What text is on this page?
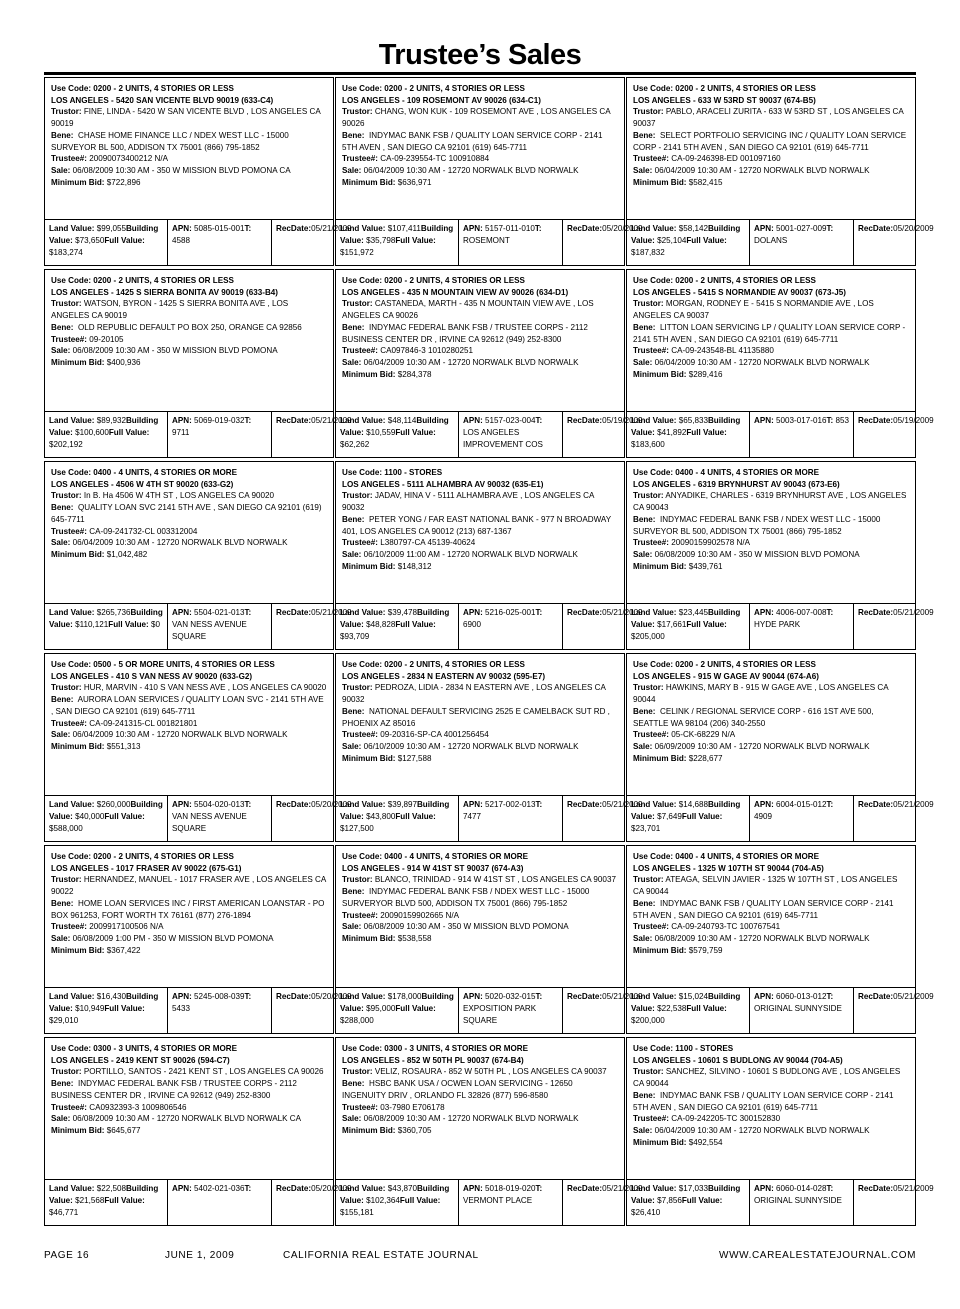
Trustee’s Sales
Use Code: 0200 - 2 UNITS, 4 STORIES OR LESS
LOS ANGELES - 5420 SAN VICENTE BLVD 90019 (633-C4)
Trustor: FINE, LINDA - 5420 W SAN VICENTE BLVD , LOS ANGELES CA 90019
Bene: CHASE HOME FINANCE LLC / NDEX WEST LLC - 15000 SURVEYOR BL 500, ADDISON TX 75001 (866) 795-1852
Trustee#: 20090073400212 N/A
Sale: 06/08/2009 10:30 AM - 350 W MISSION BLVD POMONA CA
Minimum Bid: $722,896
Land Value: $99,055Building Value: $73,650Full Value: $183,274
APN: 5085-015-001T: 4588
RecDate:05/21/2009
Use Code: 0200 - 2 UNITS, 4 STORIES OR LESS
LOS ANGELES - 1425 S SIERRA BONITA AV 90019 (633-B4)
Trustor: WATSON, BYRON - 1425 S SIERRA BONITA AVE , LOS ANGELES CA 90019
Bene: OLD REPUBLIC DEFAULT PO BOX 250, ORANGE CA 92856
Trustee#: 09-20105
Sale: 06/08/2009 10:30 AM - 350 W MISSION BLVD POMONA
Minimum Bid: $400,936
Land Value: $89,932Building Value: $100,600Full Value: $202,192
APN: 5069-019-032T: 9711
RecDate:05/21/2009
Use Code: 0400 - 4 UNITS, 4 STORIES OR MORE
LOS ANGELES - 4506 W 4TH ST 90020 (633-G2)
Trustor: In B. Ha 4506 W 4TH ST , LOS ANGELES CA 90020
Bene: QUALITY LOAN SVC 2141 5TH AVE , SAN DIEGO CA 92101 (619) 645-7711
Trustee#: CA-09-241732-CL 003312004
Sale: 06/04/2009 10:30 AM - 12720 NORWALK BLVD NORWALK
Minimum Bid: $1,042,482
Land Value: $265,736Building Value: $110,121Full Value: $0
APN: 5504-021-013T: VAN NESS AVENUE SQUARE
RecDate:05/21/2009
Use Code: 0500 - 5 OR MORE UNITS, 4 STORIES OR LESS
LOS ANGELES - 410 S VAN NESS AV 90020 (633-G2)
Trustor: HUR, MARVIN - 410 S VAN NESS AVE , LOS ANGELES CA 90020
Bene: AURORA LOAN SERVICES / QUALITY LOAN SVC - 2141 5TH AVE , SAN DIEGO CA 92101 (619) 645-7711
Trustee#: CA-09-241315-CL 001821801
Sale: 06/04/2009 10:30 AM - 12720 NORWALK BLVD NORWALK
Minimum Bid: $551,313
Land Value: $260,000Building Value: $40,000Full Value: $588,000
APN: 5504-020-013T: VAN NESS AVENUE SQUARE
RecDate:05/20/2009
Use Code: 0200 - 2 UNITS, 4 STORIES OR LESS
LOS ANGELES - 1017 FRASER AV 90022 (675-G1)
Trustor: HERNANDEZ, MANUEL - 1017 FRASER AVE , LOS ANGELES CA 90022
Bene: HOME LOAN SERVICES INC / FIRST AMERICAN LOANSTAR - PO BOX 961253, FORT WORTH TX 76161 (877) 276-1894
Trustee#: 2009917100506 N/A
Sale: 06/08/2009 1:00 PM - 350 W MISSION BLVD POMONA
Minimum Bid: $367,422
Land Value: $16,430Building Value: $10,949Full Value: $29,010
APN: 5245-008-039T: 5433
RecDate:05/20/2009
Use Code: 0300 - 3 UNITS, 4 STORIES OR MORE
LOS ANGELES - 2419 KENT ST 90026 (594-C7)
Trustor: PORTILLO, SANTOS - 2421 KENT ST , LOS ANGELES CA 90026
Bene: INDYMAC FEDERAL BANK FSB / TRUSTEE CORPS - 2112 BUSINESS CENTER DR , IRVINE CA 92612 (949) 252-8300
Trustee#: CA0932393-3 1009806546
Sale: 06/08/2009 10:30 AM - 12720 NORWALK BLVD NORWALK CA
Minimum Bid: $645,677
Land Value: $22,508Building Value: $21,568Full Value: $46,771
APN: 5402-021-036T:	RecDate:05/20/2009
Use Code: 0200 - 2 UNITS, 4 STORIES OR LESS
LOS ANGELES - 109 ROSEMONT AV 90026 (634-C1)
Trustor: CHANG, WON KUK - 109 ROSEMONT AVE , LOS ANGELES CA 90026
Bene: INDYMAC BANK FSB / QUALITY LOAN SERVICE CORP - 2141 5TH AVEN , SAN DIEGO CA 92101 (619) 645-7711
Trustee#: CA-09-239554-TC 100910884
Sale: 06/04/2009 10:30 AM - 12720 NORWALK BLVD NORWALK
Minimum Bid: $636,971
Land Value: $107,411Building Value: $35,798Full Value: $151,972
APN: 5157-011-010T: ROSEMONT
RecDate:05/20/2009
Use Code: 0200 - 2 UNITS, 4 STORIES OR LESS
LOS ANGELES - 435 N MOUNTAIN VIEW AV 90026 (634-D1)
Trustor: CASTANEDA, MARTH - 435 N MOUNTAIN VIEW AVE , LOS ANGELES CA 90026
Bene: INDYMAC FEDERAL BANK FSB / TRUSTEE CORPS - 2112 BUSINESS CENTER DR , IRVINE CA 92612 (949) 252-8300
Trustee#: CA097846-3 1010280251
Sale: 06/04/2009 10:30 AM - 12720 NORWALK BLVD NORWALK
Minimum Bid: $284,378
Land Value: $48,114Building Value: $10,559Full Value: $62,262
APN: 5157-023-004T: LOS ANGELES IMPROVEMENT COS
RecDate:05/19/2009
Use Code: 1100 - STORES
LOS ANGELES - 5111 ALHAMBRA AV 90032 (635-E1)
Trustor: JADAV, HINA V - 5111 ALHAMBRA AVE , LOS ANGELES CA 90032
Bene: PETER YONG / FAR EAST NATIONAL BANK - 977 N BROADWAY 401, LOS ANGELES CA 90012 (213) 687-1367
Trustee#: L380797-CA 45139-40624
Sale: 06/10/2009 11:00 AM - 12720 NORWALK BLVD NORWALK
Minimum Bid: $148,312
Land Value: $39,478Building Value: $48,828Full Value: $93,709
APN: 5216-025-001T: 6900
RecDate:05/21/2009
Use Code: 0200 - 2 UNITS, 4 STORIES OR LESS
LOS ANGELES - 2834 N EASTERN AV 90032 (595-E7)
Trustor: PEDROZA, LIDIA - 2834 N EASTERN AVE , LOS ANGELES CA 90032
Bene: NATIONAL DEFAULT SERVICING 2525 E CAMELBACK SUT RD , PHOENIX AZ 85016
Trustee#: 09-20316-SP-CA 4001256454
Sale: 06/10/2009 10:30 AM - 12720 NORWALK BLVD NORWALK
Minimum Bid: $127,588
Land Value: $39,897Building Value: $43,800Full Value: $127,500
APN: 5217-002-013T: 7477
RecDate:05/21/2009
Use Code: 0400 - 4 UNITS, 4 STORIES OR MORE
LOS ANGELES - 914 W 41ST ST 90037 (674-A3)
Trustor: BLANCO, TRINIDAD - 914 W 41ST ST , LOS ANGELES CA 90037
Bene: INDYMAC FEDERAL BANK FSB / NDEX WEST LLC - 15000 SURVERYOR BLVD 500, ADDISON TX 75001 (866) 795-1852
Trustee#: 20090159902665 N/A
Sale: 06/08/2009 10:30 AM - 350 W MISSION BLVD POMONA
Minimum Bid: $538,558
Land Value: $178,000Building Value: $95,000Full Value: $288,000
APN: 5020-032-015T: EXPOSITION PARK SQUARE
RecDate:05/21/2009
Use Code: 0300 - 3 UNITS, 4 STORIES OR MORE
LOS ANGELES - 852 W 50TH PL 90037 (674-B4)
Trustor: VELIZ, ROSAURA - 852 W 50TH PL , LOS ANGELES CA 90037
Bene: HSBC BANK USA / OCWEN LOAN SERVICING - 12650 INGENUITY DRIV , ORLANDO FL 32826 (877) 596-8580
Trustee#: 03-7980 E706178
Sale: 06/08/2009 10:30 AM - 12720 NORWALK BLVD NORWALK
Minimum Bid: $360,705
Land Value: $43,870Building Value: $102,364Full Value: $155,181
APN: 5018-019-020T: VERMONT PLACE
RecDate:05/21/2009
Use Code: 0200 - 2 UNITS, 4 STORIES OR LESS
LOS ANGELES - 633 W 53RD ST 90037 (674-B5)
Trustor: PABLO, ARACELI ZURITA - 633 W 53RD ST , LOS ANGELES CA 90037
Bene: SELECT PORTFOLIO SERVICING INC / QUALITY LOAN SERVICE CORP - 2141 5TH AVEN , SAN DIEGO CA 92101 (619) 645-7711
Trustee#: CA-09-246398-ED 001097160
Sale: 06/04/2009 10:30 AM - 12720 NORWALK BLVD NORWALK
Minimum Bid: $582,415
Land Value: $58,142Building Value: $25,104Full Value: $187,832
APN: 5001-027-009T: DOLANS
RecDate:05/20/2009
Use Code: 0200 - 2 UNITS, 4 STORIES OR LESS
LOS ANGELES - 5415 S NORMANDIE AV 90037 (673-J5)
Trustor: MORGAN, RODNEY E - 5415 S NORMANDIE AVE , LOS ANGELES CA 90037
Bene: LITTON LOAN SERVICING LP / QUALITY LOAN SERVICE CORP - 2141 5TH AVEN , SAN DIEGO CA 92101 (619) 645-7711
Trustee#: CA-09-243548-BL 41135880
Sale: 06/04/2009 10:30 AM - 12720 NORWALK BLVD NORWALK
Minimum Bid: $289,416
Land Value: $65,833Building Value: $41,892Full Value: $183,600
APN: 5003-017-016T: 853	RecDate:05/19/2009
Use Code: 0400 - 4 UNITS, 4 STORIES OR MORE
LOS ANGELES - 6319 BRYNHURST AV 90043 (673-E6)
Trustor: ANYADIKE, CHARLES - 6319 BRYNHURST AVE , LOS ANGELES CA 90043
Bene: INDYMAC FEDERAL BANK FSB / NDEX WEST LLC - 15000 SURVEYOR BL 500, ADDISON TX 75001 (866) 795-1852
Trustee#: 20090159902578 N/A
Sale: 06/08/2009 10:30 AM - 350 W MISSION BLVD POMONA
Minimum Bid: $439,761
Land Value: $23,445Building Value: $17,661Full Value: $205,000
APN: 4006-007-008T: HYDE PARK
RecDate:05/21/2009
Use Code: 0200 - 2 UNITS, 4 STORIES OR LESS
LOS ANGELES - 915 W GAGE AV 90044 (674-A6)
Trustor: HAWKINS, MARY B - 915 W GAGE AVE , LOS ANGELES CA 90044
Bene: CELINK / REGIONAL SERVICE CORP - 616 1ST AVE 500, SEATTLE WA 98104 (206) 340-2550
Trustee#: 05-CK-68229 N/A
Sale: 06/09/2009 10:30 AM - 12720 NORWALK BLVD NORWALK
Minimum Bid: $228,677
Land Value: $14,688Building Value: $7,649Full Value: $23,701
APN: 6004-015-012T: 4909
RecDate:05/21/2009
Use Code: 0400 - 4 UNITS, 4 STORIES OR MORE
LOS ANGELES - 1325 W 107TH ST 90044 (704-A5)
Trustor: ATEAGA, SELVIN JAVIER - 1325 W 107TH ST , LOS ANGELES CA 90044
Bene: INDYMAC BANK FSB / QUALITY LOAN SERVICE CORP - 2141 5TH AVEN , SAN DIEGO CA 92101 (619) 645-7711
Trustee#: CA-09-240793-TC 100767541
Sale: 06/08/2009 10:30 AM - 12720 NORWALK BLVD NORWALK
Minimum Bid: $579,759
Land Value: $15,024Building Value: $22,538Full Value: $200,000
APN: 6060-013-012T: ORIGINAL SUNNYSIDE
RecDate:05/21/2009
Use Code: 1100 - STORES
LOS ANGELES - 10601 S BUDLONG AV 90044 (704-A5)
Trustor: SANCHEZ, SILVINO - 10601 S BUDLONG AVE , LOS ANGELES CA 90044
Bene: INDYMAC BANK FSB / QUALITY LOAN SERVICE CORP - 2141 5TH AVEN , SAN DIEGO CA 92101 (619) 645-7711
Trustee#: CA-09-242205-TC 300152830
Sale: 06/04/2009 10:30 AM - 12720 NORWALK BLVD NORWALK
Minimum Bid: $492,554
Land Value: $17,033Building Value: $7,856Full Value: $26,410
APN: 6060-014-028T: ORIGINAL SUNNYSIDE
RecDate:05/21/2009
PAGE 16	JUNE 1, 2009	CALIFORNIA REAL ESTATE JOURNAL	WWW.CAREALESTATEJOURNAL.COM
